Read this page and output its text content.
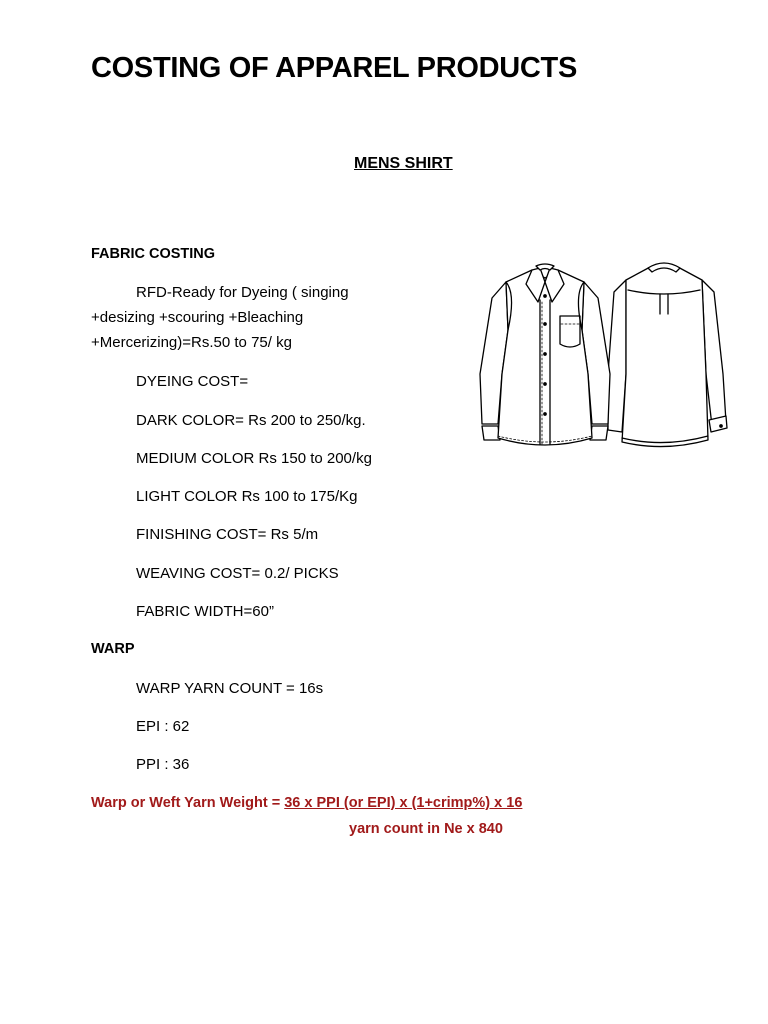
COSTING OF APPAREL PRODUCTS
MENS SHIRT
FABRIC COSTING
RFD-Ready for Dyeing ( singing
+desizing +scouring +Bleaching
+Mercerizing)=Rs.50 to 75/ kg
DYEING COST=
DARK COLOR= Rs 200 to 250/kg.
MEDIUM COLOR Rs 150 to 200/kg
LIGHT COLOR Rs 100 to 175/Kg
FINISHING COST= Rs 5/m
WEAVING COST= 0.2/ PICKS
FABRIC WIDTH=60”
WARP
WARP YARN COUNT = 16s
EPI : 62
PPI : 36
Warp or Weft Yarn Weight = 36 x PPI (or EPI) x (1+crimp%) x 16
yarn count in Ne x 840
